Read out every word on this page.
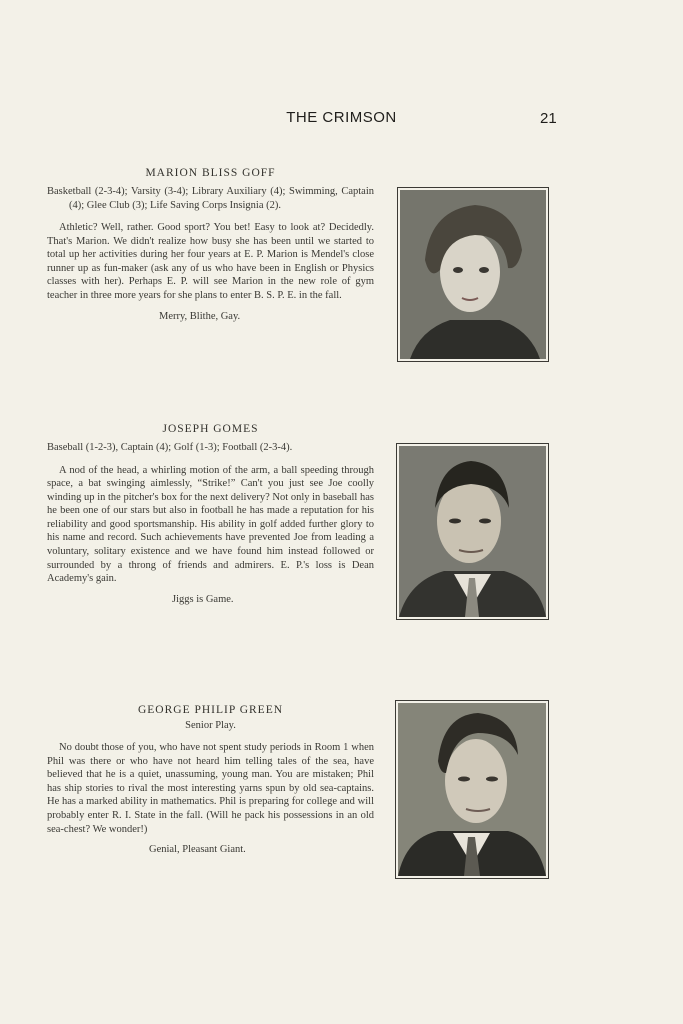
THE CRIMSON	21
MARION BLISS GOFF

Basketball (2-3-4); Varsity (3-4); Library Auxiliary (4); Swimming, Captain (4); Glee Club (3); Life Saving Corps Insignia (2).

Athletic? Well, rather. Good sport? You bet! Easy to look at? Decidedly. That's Marion. We didn't realize how busy she has been until we started to total up her activities during her four years at E. P. Marion is Mendel's close runner up as fun-maker (ask any of us who have been in English or Physics classes with her). Perhaps E. P. will see Marion in the new role of gym teacher in three more years for she plans to enter B. S. P. E. in the fall.

Merry, Blithe, Gay.
JOSEPH GOMES

Baseball (1-2-3), Captain (4); Golf (1-3); Football (2-3-4).

A nod of the head, a whirling motion of the arm, a ball speeding through space, a bat swinging aimlessly, “Strike!” Can't you just see Joe coolly winding up in the pitcher's box for the next delivery? Not only in baseball has he been one of our stars but also in football he has made a reputation for his reliability and good sportsmanship. His ability in golf added further glory to his name and record. Such achievements have prevented Joe from leading a voluntary, solitary existence and we have found him instead followed or surrounded by a throng of friends and admirers. E. P.'s loss is Dean Academy's gain.

Jiggs is Game.
GEORGE PHILIP GREEN
Senior Play.

No doubt those of you, who have not spent study periods in Room 1 when Phil was there or who have not heard him telling tales of the sea, have believed that he is a quiet, unassuming, young man. You are mistaken; Phil has ship stories to rival the most interesting yarns spun by old sea-captains. He has a marked ability in mathematics. Phil is preparing for college and will probably enter R. I. State in the fall. (Will he pack his possessions in an old sea-chest? We wonder!)

Genial, Pleasant Giant.
